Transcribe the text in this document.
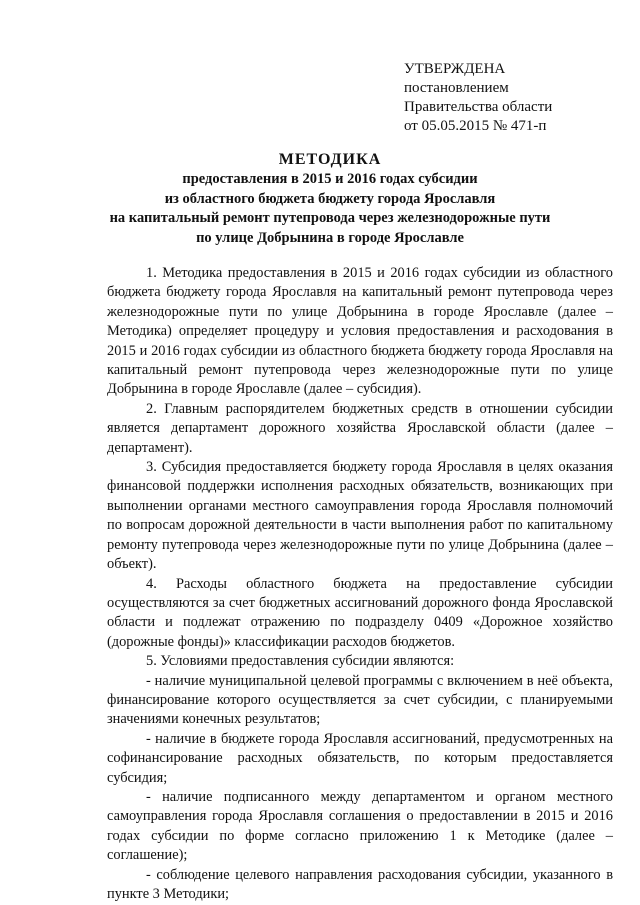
УТВЕРЖДЕНА
постановлением
Правительства области
от 05.05.2015 № 471-п
МЕТОДИКА
предоставления в 2015 и 2016 годах субсидии
из областного бюджета бюджету города Ярославля
на капитальный ремонт путепровода через железнодорожные пути
по улице Добрынина в городе Ярославле

1. Методика предоставления в 2015 и 2016 годах субсидии из областного бюджета бюджету города Ярославля на капитальный ремонт путепровода через железнодорожные пути по улице Добрынина в городе Ярославле (далее – Методика) определяет процедуру и условия предоставления и расходования в 2015 и 2016 годах субсидии из областного бюджета бюджету города Ярославля на капитальный ремонт путепровода через железнодорожные пути по улице Добрынина в городе Ярославле (далее – субсидия).

2. Главным распорядителем бюджетных средств в отношении субсидии является департамент дорожного хозяйства Ярославской области (далее – департамент).

3. Субсидия предоставляется бюджету города Ярославля в целях оказания финансовой поддержки исполнения расходных обязательств, возникающих при выполнении органами местного самоуправления города Ярославля полномочий по вопросам дорожной деятельности в части выполнения работ по капитальному ремонту путепровода через железнодорожные пути по улице Добрынина (далее – объект).

4. Расходы областного бюджета на предоставление субсидии осуществляются за счет бюджетных ассигнований дорожного фонда Ярославской области и подлежат отражению по подразделу 0409 «Дорожное хозяйство (дорожные фонды)» классификации расходов бюджетов.

5. Условиями предоставления субсидии являются:

- наличие муниципальной целевой программы с включением в неё объекта, финансирование которого осуществляется за счет субсидии, с планируемыми значениями конечных результатов;

- наличие в бюджете города Ярославля ассигнований, предусмотренных на софинансирование расходных обязательств, по которым предоставляется субсидия;

- наличие подписанного между департаментом и органом местного самоуправления города Ярославля соглашения о предоставлении в 2015 и 2016 годах субсидии по форме согласно приложению 1 к Методике (далее – соглашение);

- соблюдение целевого направления расходования субсидии, указанного в пункте 3 Методики;
